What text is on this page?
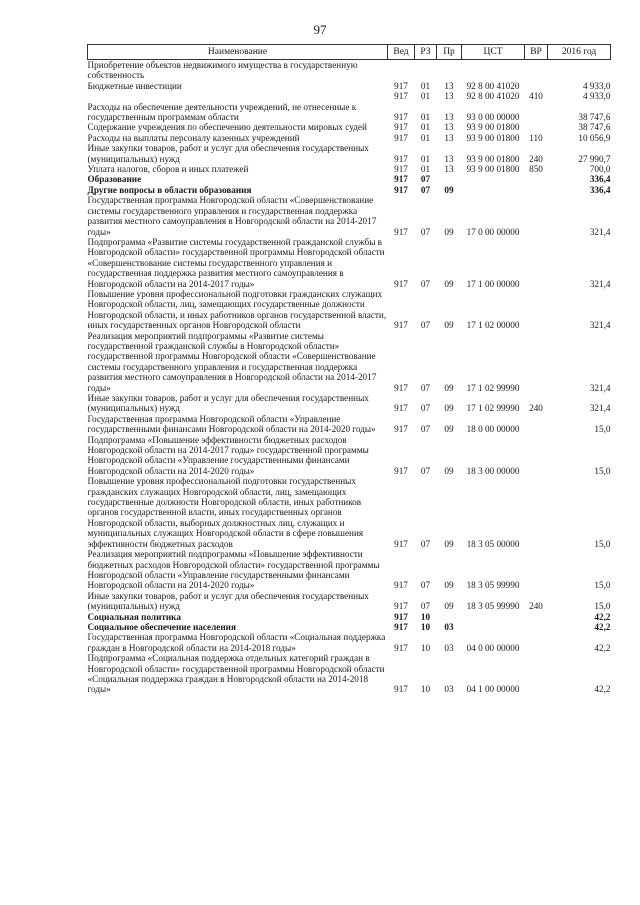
97
Наименование	Вед	РЗ	Пр	ЦСТ	ВР	2016 год
Приобретение объектов недвижимого имущества в государственную собственность						
Бюджетные инвестиции	917	01	13	92 8 00 41020		4 933,0
	917	01	13	92 8 00 41020	410	4 933,0
Расходы на обеспечение деятельности учреждений, не отнесенные к государственным программам области	917	01	13	93 0 00 00000		38 747,6
Содержание учреждения по обеспечению деятельности мировых судей	917	01	13	93 9 00 01800		38 747,6
Расходы на выплаты персоналу казенных учреждений	917	01	13	93 9 00 01800	110	10 056,9
Иные закупки товаров, работ и услуг для обеспечения государственных (муниципальных) нужд	917	01	13	93 9 00 01800	240	27 990,7
Уплата налогов, сборов и иных платежей	917	01	13	93 9 00 01800	850	700,0
Образование	917	07				336,4
Другие вопросы в области образования	917	07	09			336,4
Государственная программа Новгородской области «Совершенствование системы государственного управления и государственная поддержка развития местного самоуправления в Новгородской области на 2014-2017 годы»	917	07	09	17 0 00 00000		321,4
Подпрограмма «Развитие системы государственной гражданской службы в Новгородской области» государственной программы Новгородской области «Совершенствование системы государственного управления и государственная поддержка развития местного самоуправления в Новгородской области на 2014-2017 годы»	917	07	09	17 1 00 00000		321,4
Повышение уровня профессиональной подготовки гражданских служащих Новгородской области, лиц, замещающих государственные должности Новгородской области, и иных работников органов государственной власти, иных государственных органов Новгородской области	917	07	09	17 1 02 00000		321,4
Реализация мероприятий подпрограммы «Развитие системы государственной гражданской службы в Новгородской области» государственной программы Новгородской области «Совершенствование системы государственного управления и государственная поддержка развития местного самоуправления в Новгородской области на 2014-2017 годы»	917	07	09	17 1 02 99990		321,4
Иные закупки товаров, работ и услуг для обеспечения государственных (муниципальных) нужд	917	07	09	17 1 02 99990	240	321,4
Государственная программа Новгородской области «Управление государственными финансами Новгородской области на 2014-2020 годы»	917	07	09	18 0 00 00000		15,0
Подпрограмма «Повышение эффективности бюджетных расходов Новгородской области на 2014-2017 годы» государственной программы Новгородской области «Управление государственными финансами Новгородской области на 2014-2020 годы»	917	07	09	18 3 00 00000		15,0
Повышение уровня профессиональной подготовки государственных гражданских служащих Новгородской области, лиц, замещающих государственные должности Новгородской области, иных работников органов государственной власти, иных государственных органов Новгородской области, выборных должностных лиц, служащих и муниципальных служащих Новгородской области в сфере повышения эффективности бюджетных расходов	917	07	09	18 3 05 00000		15,0
Реализация мероприятий подпрограммы «Повышение эффективности бюджетных расходов Новгородской области» государственной программы Новгородской области «Управление государственными финансами Новгородской области на 2014-2020 годы»	917	07	09	18 3 05 99990		15,0
Иные закупки товаров, работ и услуг для обеспечения государственных (муниципальных) нужд	917	07	09	18 3 05 99990	240	15,0
Социальная политика	917	10				42,2
Социальное обеспечение населения	917	10	03			42,2
Государственная программа Новгородской области «Социальная поддержка граждан в Новгородской области на 2014-2018 годы»	917	10	03	04 0 00 00000		42,2
Подпрограмма «Социальная поддержка отдельных категорий граждан в Новгородской области» государственной программы Новгородской области «Социальная поддержка граждан в Новгородской области на 2014-2018 годы»	917	10	03	04 1 00 00000		42,2
